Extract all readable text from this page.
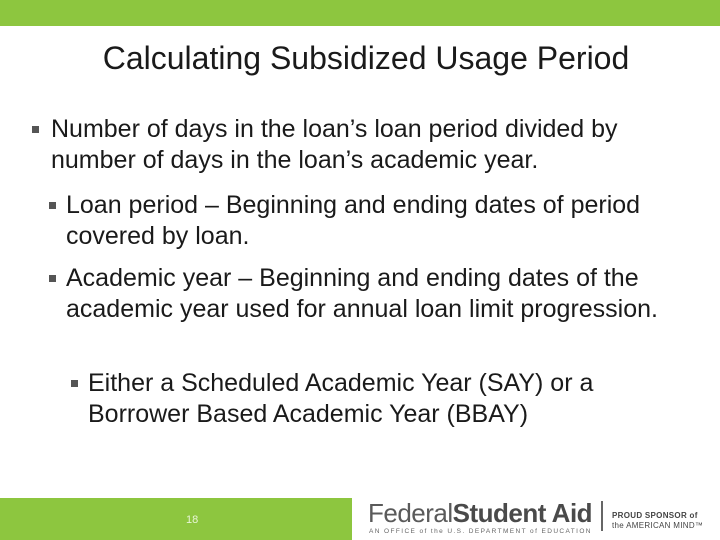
Calculating Subsidized Usage Period
Number of days in the loan’s loan period divided by number of days in the loan’s academic year.
Loan period – Beginning and ending dates of period covered by loan.
Academic year – Beginning and ending dates of the academic year used for annual loan limit progression.
Either a Scheduled Academic Year (SAY) or a Borrower Based Academic Year (BBAY)
18	FederalStudent Aid
AN OFFICE of the U.S. DEPARTMENT of EDUCATION
PROUD SPONSOR of
the AMERICAN MIND™
